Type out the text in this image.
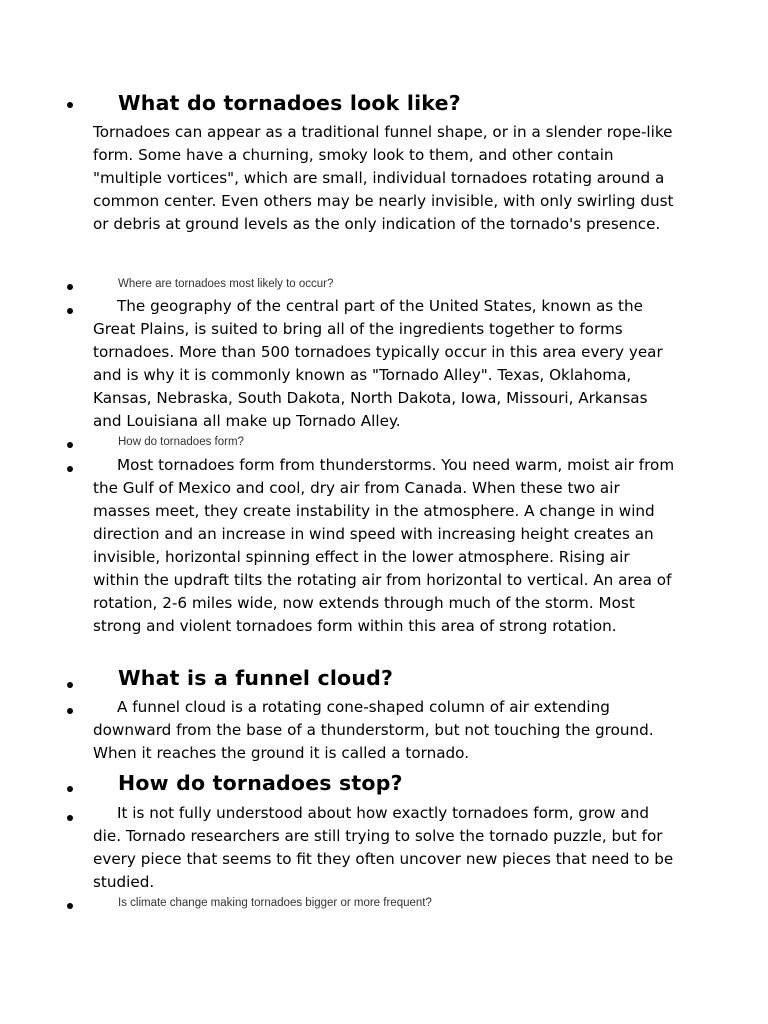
What do tornadoes look like?

Tornadoes can appear as a traditional funnel shape, or in a slender rope-like form. Some have a churning, smoky look to them, and other contain "multiple vortices", which are small, individual tornadoes rotating around a common center. Even others may be nearly invisible, with only swirling dust or debris at ground levels as the only indication of the tornado's presence.

Where are tornadoes most likely to occur?

The geography of the central part of the United States, known as the Great Plains, is suited to bring all of the ingredients together to forms tornadoes. More than 500 tornadoes typically occur in this area every year and is why it is commonly known as "Tornado Alley". Texas, Oklahoma, Kansas, Nebraska, South Dakota, North Dakota, Iowa, Missouri, Arkansas and Louisiana all make up Tornado Alley.

How do tornadoes form?

Most tornadoes form from thunderstorms. You need warm, moist air from the Gulf of Mexico and cool, dry air from Canada. When these two air masses meet, they create instability in the atmosphere. A change in wind direction and an increase in wind speed with increasing height creates an invisible, horizontal spinning effect in the lower atmosphere. Rising air within the updraft tilts the rotating air from horizontal to vertical. An area of rotation, 2-6 miles wide, now extends through much of the storm. Most strong and violent tornadoes form within this area of strong rotation.

What is a funnel cloud?

A funnel cloud is a rotating cone-shaped column of air extending downward from the base of a thunderstorm, but not touching the ground. When it reaches the ground it is called a tornado.

How do tornadoes stop?

It is not fully understood about how exactly tornadoes form, grow and die. Tornado researchers are still trying to solve the tornado puzzle, but for every piece that seems to fit they often uncover new pieces that need to be studied.

Is climate change making tornadoes bigger or more frequent?
